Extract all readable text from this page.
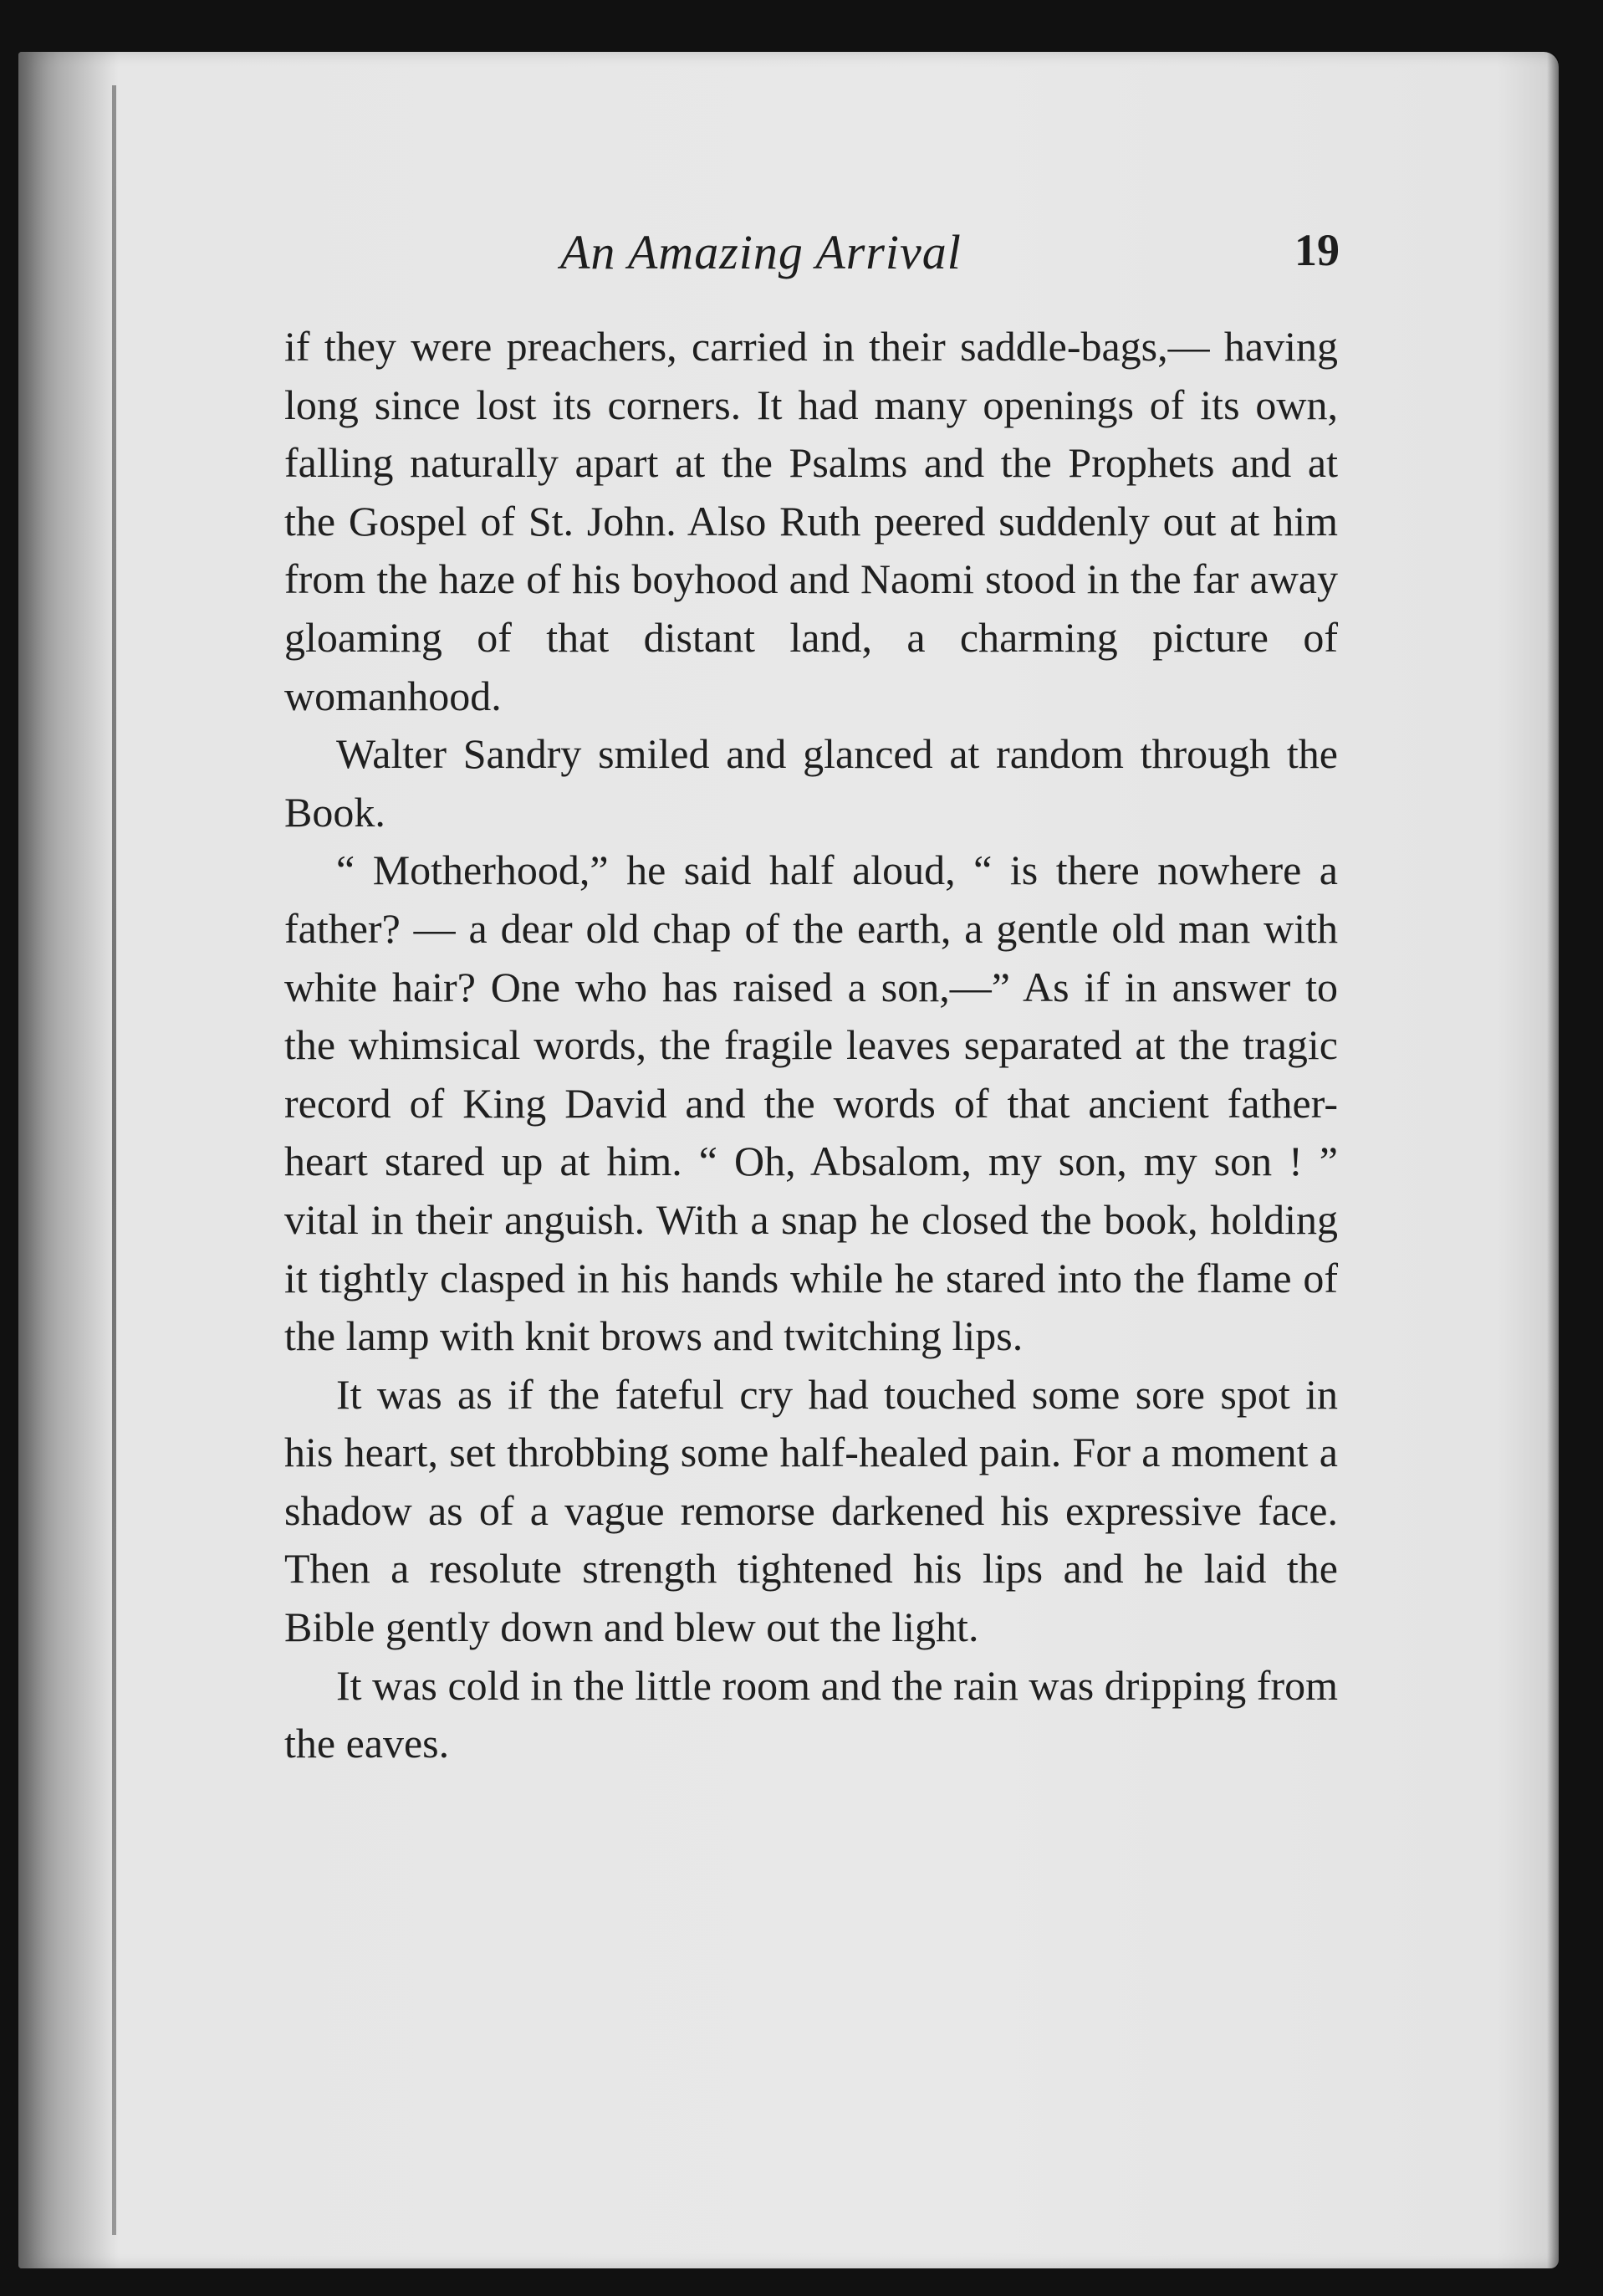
An Amazing Arrival	19

if they were preachers, carried in their saddle-bags,— having long since lost its corners. It had many openings of its own, falling naturally apart at the Psalms and the Prophets and at the Gospel of St. John. Also Ruth peered suddenly out at him from the haze of his boyhood and Naomi stood in the far away gloaming of that distant land, a charming picture of womanhood.

Walter Sandry smiled and glanced at random through the Book.

“ Motherhood,” he said half aloud, “ is there nowhere a father? — a dear old chap of the earth, a gentle old man with white hair? One who has raised a son,—” As if in answer to the whimsical words, the fragile leaves separated at the tragic record of King David and the words of that ancient father-heart stared up at him. “ Oh, Absalom, my son, my son ! ” vital in their anguish. With a snap he closed the book, holding it tightly clasped in his hands while he stared into the flame of the lamp with knit brows and twitching lips.

It was as if the fateful cry had touched some sore spot in his heart, set throbbing some half-healed pain. For a moment a shadow as of a vague remorse darkened his expressive face. Then a resolute strength tightened his lips and he laid the Bible gently down and blew out the light.

It was cold in the little room and the rain was dripping from the eaves.
